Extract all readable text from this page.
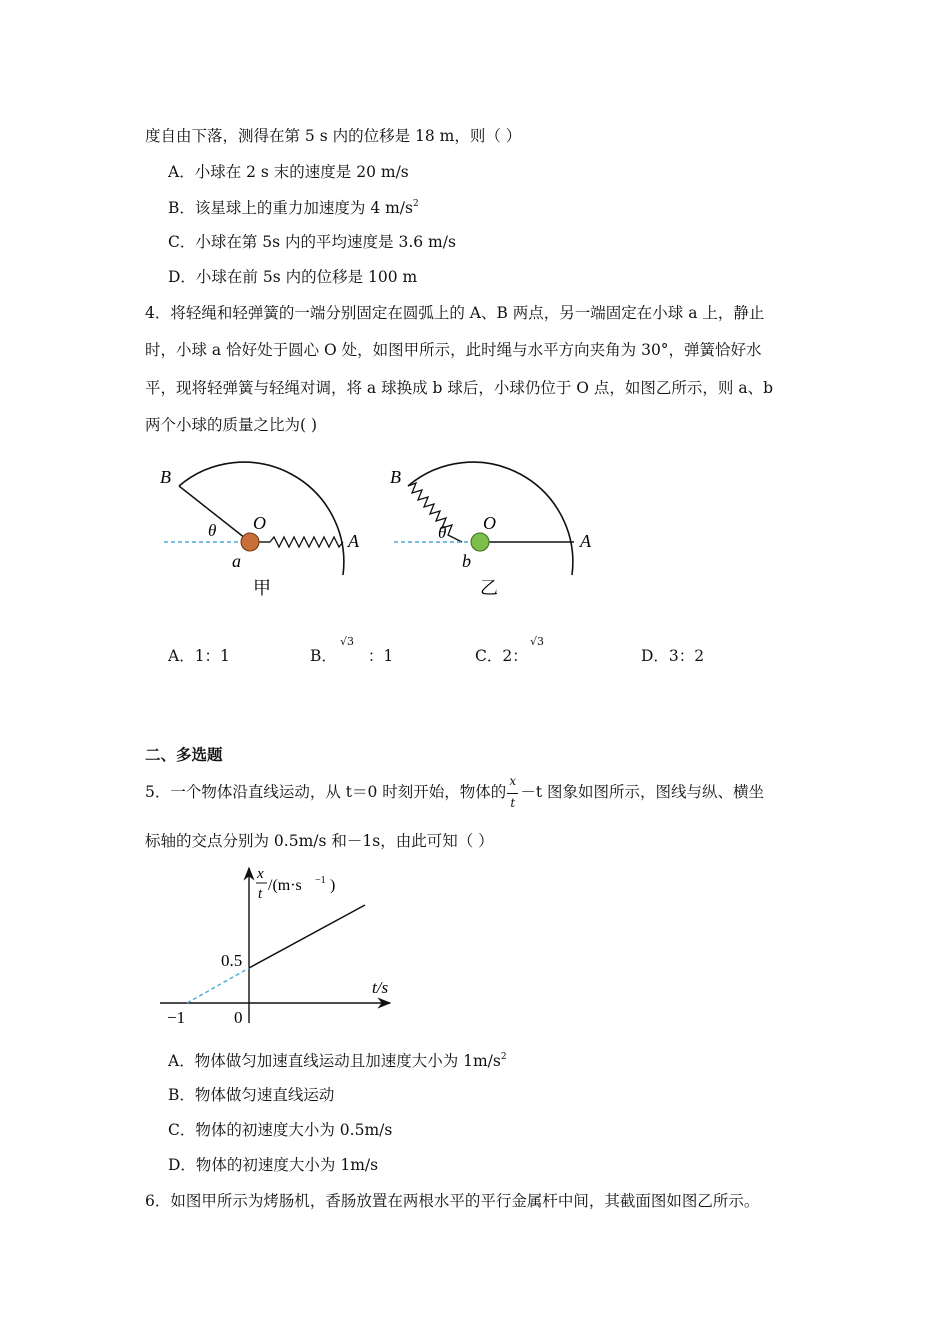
度自由下落，测得在第 5 s 内的位移是 18 m，则（ ）
A．小球在 2 s 末的速度是 20 m/s
B．该星球上的重力加速度为 4 $m/s^2$
C．小球在第 5s 内的平均速度是 3.6 m/s
D．小球在前 5s 内的位移是 100 m
4．将轻绳和轻弹簧的一端分别固定在圆弧上的 A、B 两点，另一端固定在小球 a 上，静止
时，小球 a 恰好处于圆心 O 处，如图甲所示，此时绳与水平方向夹角为 30°，弹簧恰好水
平，现将轻弹簧与轻绳对调，将 a 球换成 b 球后，小球仍位于 O 点，如图乙所示，则 a、b
两个小球的质量之比为( )
B
θ O
A
a
甲
B
θ O
A
b
乙
A．1：1	B．
√3
：1	C．2：
√3
D．3：2
二、多选题
5．一个物体沿直线运动，从 t＝0 时刻开始，物体的 $\frac{x}{t} -t$ 图象如图所示，图线与纵、横坐
标轴的交点分别为 0.5m/s 和－1s，由此可知（ ）
x
t /(m·s −1 )
0.5
t/s
−1	0
A．物体做匀加速直线运动且加速度大小为 $1m/s^2$
B．物体做匀速直线运动
C．物体的初速度大小为 0.5m/s
D．物体的初速度大小为 1m/s
6．如图甲所示为烤肠机，香肠放置在两根水平的平行金属杆中间，其截面图如图乙所示。
